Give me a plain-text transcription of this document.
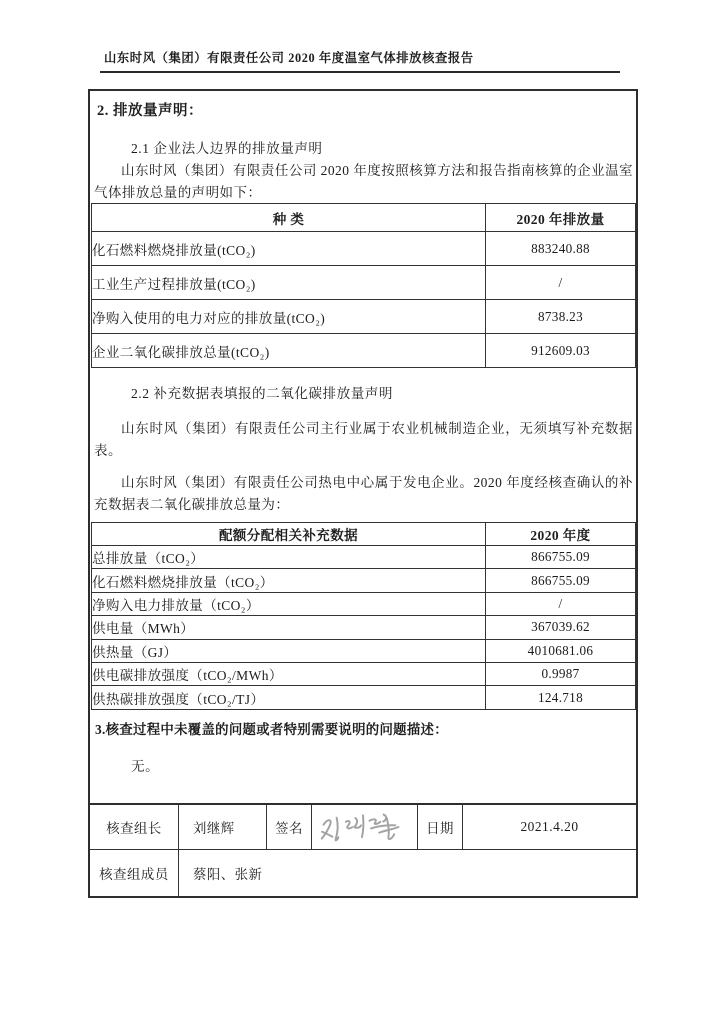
山东时风（集团）有限责任公司 2020 年度温室气体排放核查报告
2. 排放量声明：
2.1 企业法人边界的排放量声明

山东时风（集团）有限责任公司 2020 年度按照核算方法和报告指南核算的企业温室气体排放总量的声明如下：

种 类	2020 年排放量
化石燃料燃烧排放量(tCO₂)	883240.88
工业生产过程排放量(tCO₂)	/
净购入使用的电力对应的排放量(tCO₂)	8738.23
企业二氧化碳排放总量(tCO₂)	912609.03
2.2 补充数据表填报的二氧化碳排放量声明

山东时风（集团）有限责任公司主行业属于农业机械制造企业，无须填写补充数据表。

山东时风（集团）有限责任公司热电中心属于发电企业。2020 年度经核查确认的补充数据表二氧化碳排放总量为：

配额分配相关补充数据	2020 年度
总排放量（tCO₂）	866755.09
化石燃料燃烧排放量（tCO₂）	866755.09
净购入电力排放量（tCO₂）	/
供电量（MWh）	367039.62
供热量（GJ）	4010681.06
供电碳排放强度（tCO₂/MWh）	0.9987
供热碳排放强度（tCO₂/TJ）	124.718
3.核查过程中未覆盖的问题或者特别需要说明的问题描述：
无。
核查组长	刘继辉	签名	日期	2021.4.20
核查组成员	蔡阳、张新
